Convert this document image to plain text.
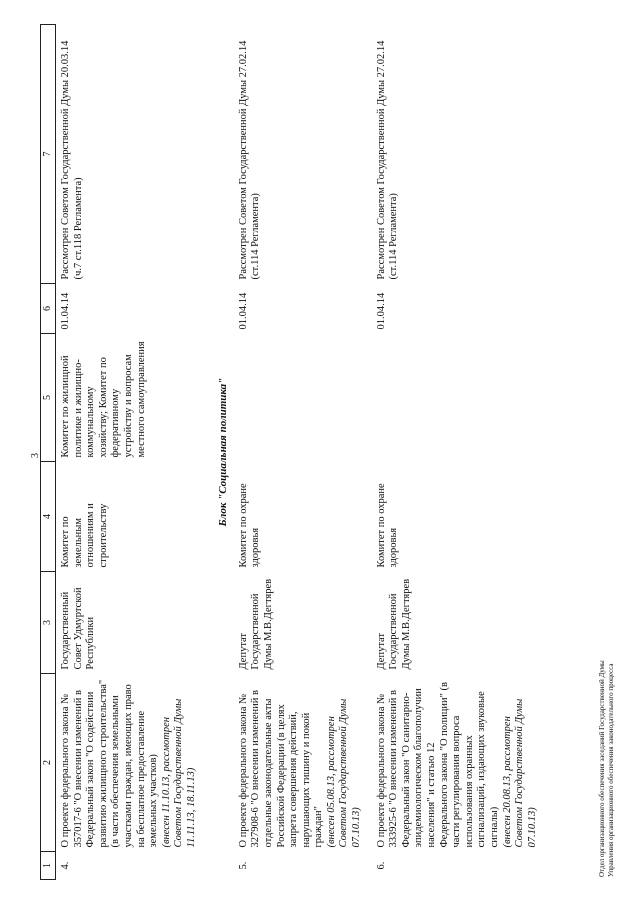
3
1	2	3	4	5	6	7
4.	О проекте федерального закона № 357017-6 "О внесении изменений в Федеральный закон "О содействии развитию жилищного строительства" (в части обеспечения земельными участками граждан, имеющих право на бесплатное предоставление земельных участков) (внесен 11.10.13, рассмотрен Советом Государственной Думы 11.11.13, 18.11.13)	Государственный Совет Удмуртской Республики	Комитет по земельным отношениям и строительству	Комитет по жилищной политике и жилищно-коммунальному хозяйству; Комитет по федеративному устройству и вопросам местного самоуправления	01.04.14	Рассмотрен Советом Государственной Думы 20.03.14 (ч.7 ст.118 Регламента)
Блок "Социальная политика"						
5.	О проекте федерального закона № 327908-6 "О внесении изменений в отдельные законодательные акты Российской Федерации (в целях запрета совершения действий, нарушающих тишину и покой граждан" (внесен 05.08.13, рассмотрен Советом Государственной Думы 07.10.13)	Депутат Государственной Думы М.В.Дегтярев	Комитет по охране здоровья		01.04.14	Рассмотрен Советом Государственной Думы 27.02.14 (ст.114 Регламента)
6.	О проекте федерального закона № 333925-6 "О внесении изменений в Федеральный закон "О санитарно-эпидемиологическом благополучии населения" и статью 12 Федерального закона "О полиции" (в части регулирования вопроса использования охранных сигнализаций, издающих звуковые сигналы) (внесен 20.08.13, рассмотрен Советом Государственной Думы 07.10.13)	Депутат Государственной Думы М.В.Дегтярев	Комитет по охране здоровья		01.04.14	Рассмотрен Советом Государственной Думы 27.02.14 (ст.114 Регламента)
Отдел организационного обеспечения заседаний Государственной Думы Управления организационного обеспечения законодательного процесса
